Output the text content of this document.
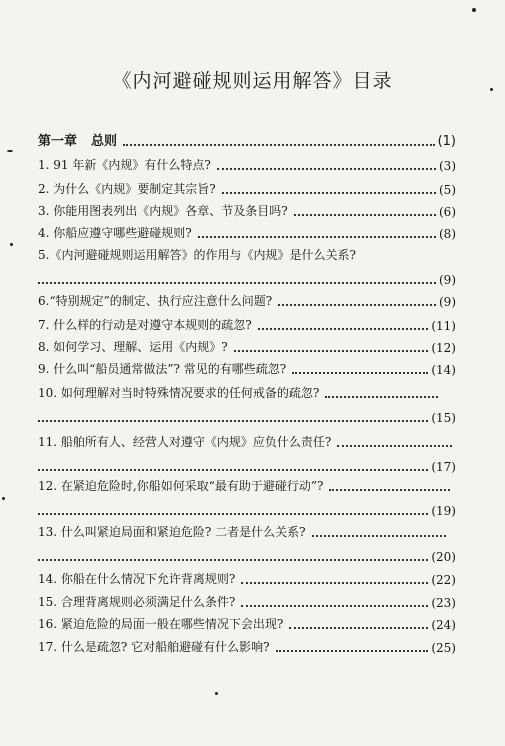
《内河避碰规则运用解答》目录
第一章 总则	(1)
1. 91 年新《内规》有什么特点?	(3)
2. 为什么《内规》要制定其宗旨?	(5)
3. 你能用图表列出《内规》各章、节及条目吗?	(6)
4. 你船应遵守哪些避碰规则?	(8)
5.《内河避碰规则运用解答》的作用与《内规》是什么关系?
(9)
6.“特别规定”的制定、执行应注意什么问题?	(9)
7. 什么样的行动是对遵守本规则的疏忽?	(11)
8. 如何学习、理解、运用《内规》?	(12)
9. 什么叫“船员通常做法”? 常见的有哪些疏忽?	(14)
10. 如何理解对当时特殊情况要求的任何戒备的疏忽?
(15)
11. 船舶所有人、经营人对遵守《内规》应负什么责任?
(17)
12. 在紧迫危险时,你船如何采取“最有助于避碰行动”?
(19)
13. 什么叫紧迫局面和紧迫危险? 二者是什么关系?
(20)
14. 你船在什么情况下允许背离规则?	(22)
15. 合理背离规则必须满足什么条件?	(23)
16. 紧迫危险的局面一般在哪些情况下会出现?	(24)
17. 什么是疏忽? 它对船舶避碰有什么影响?	(25)
